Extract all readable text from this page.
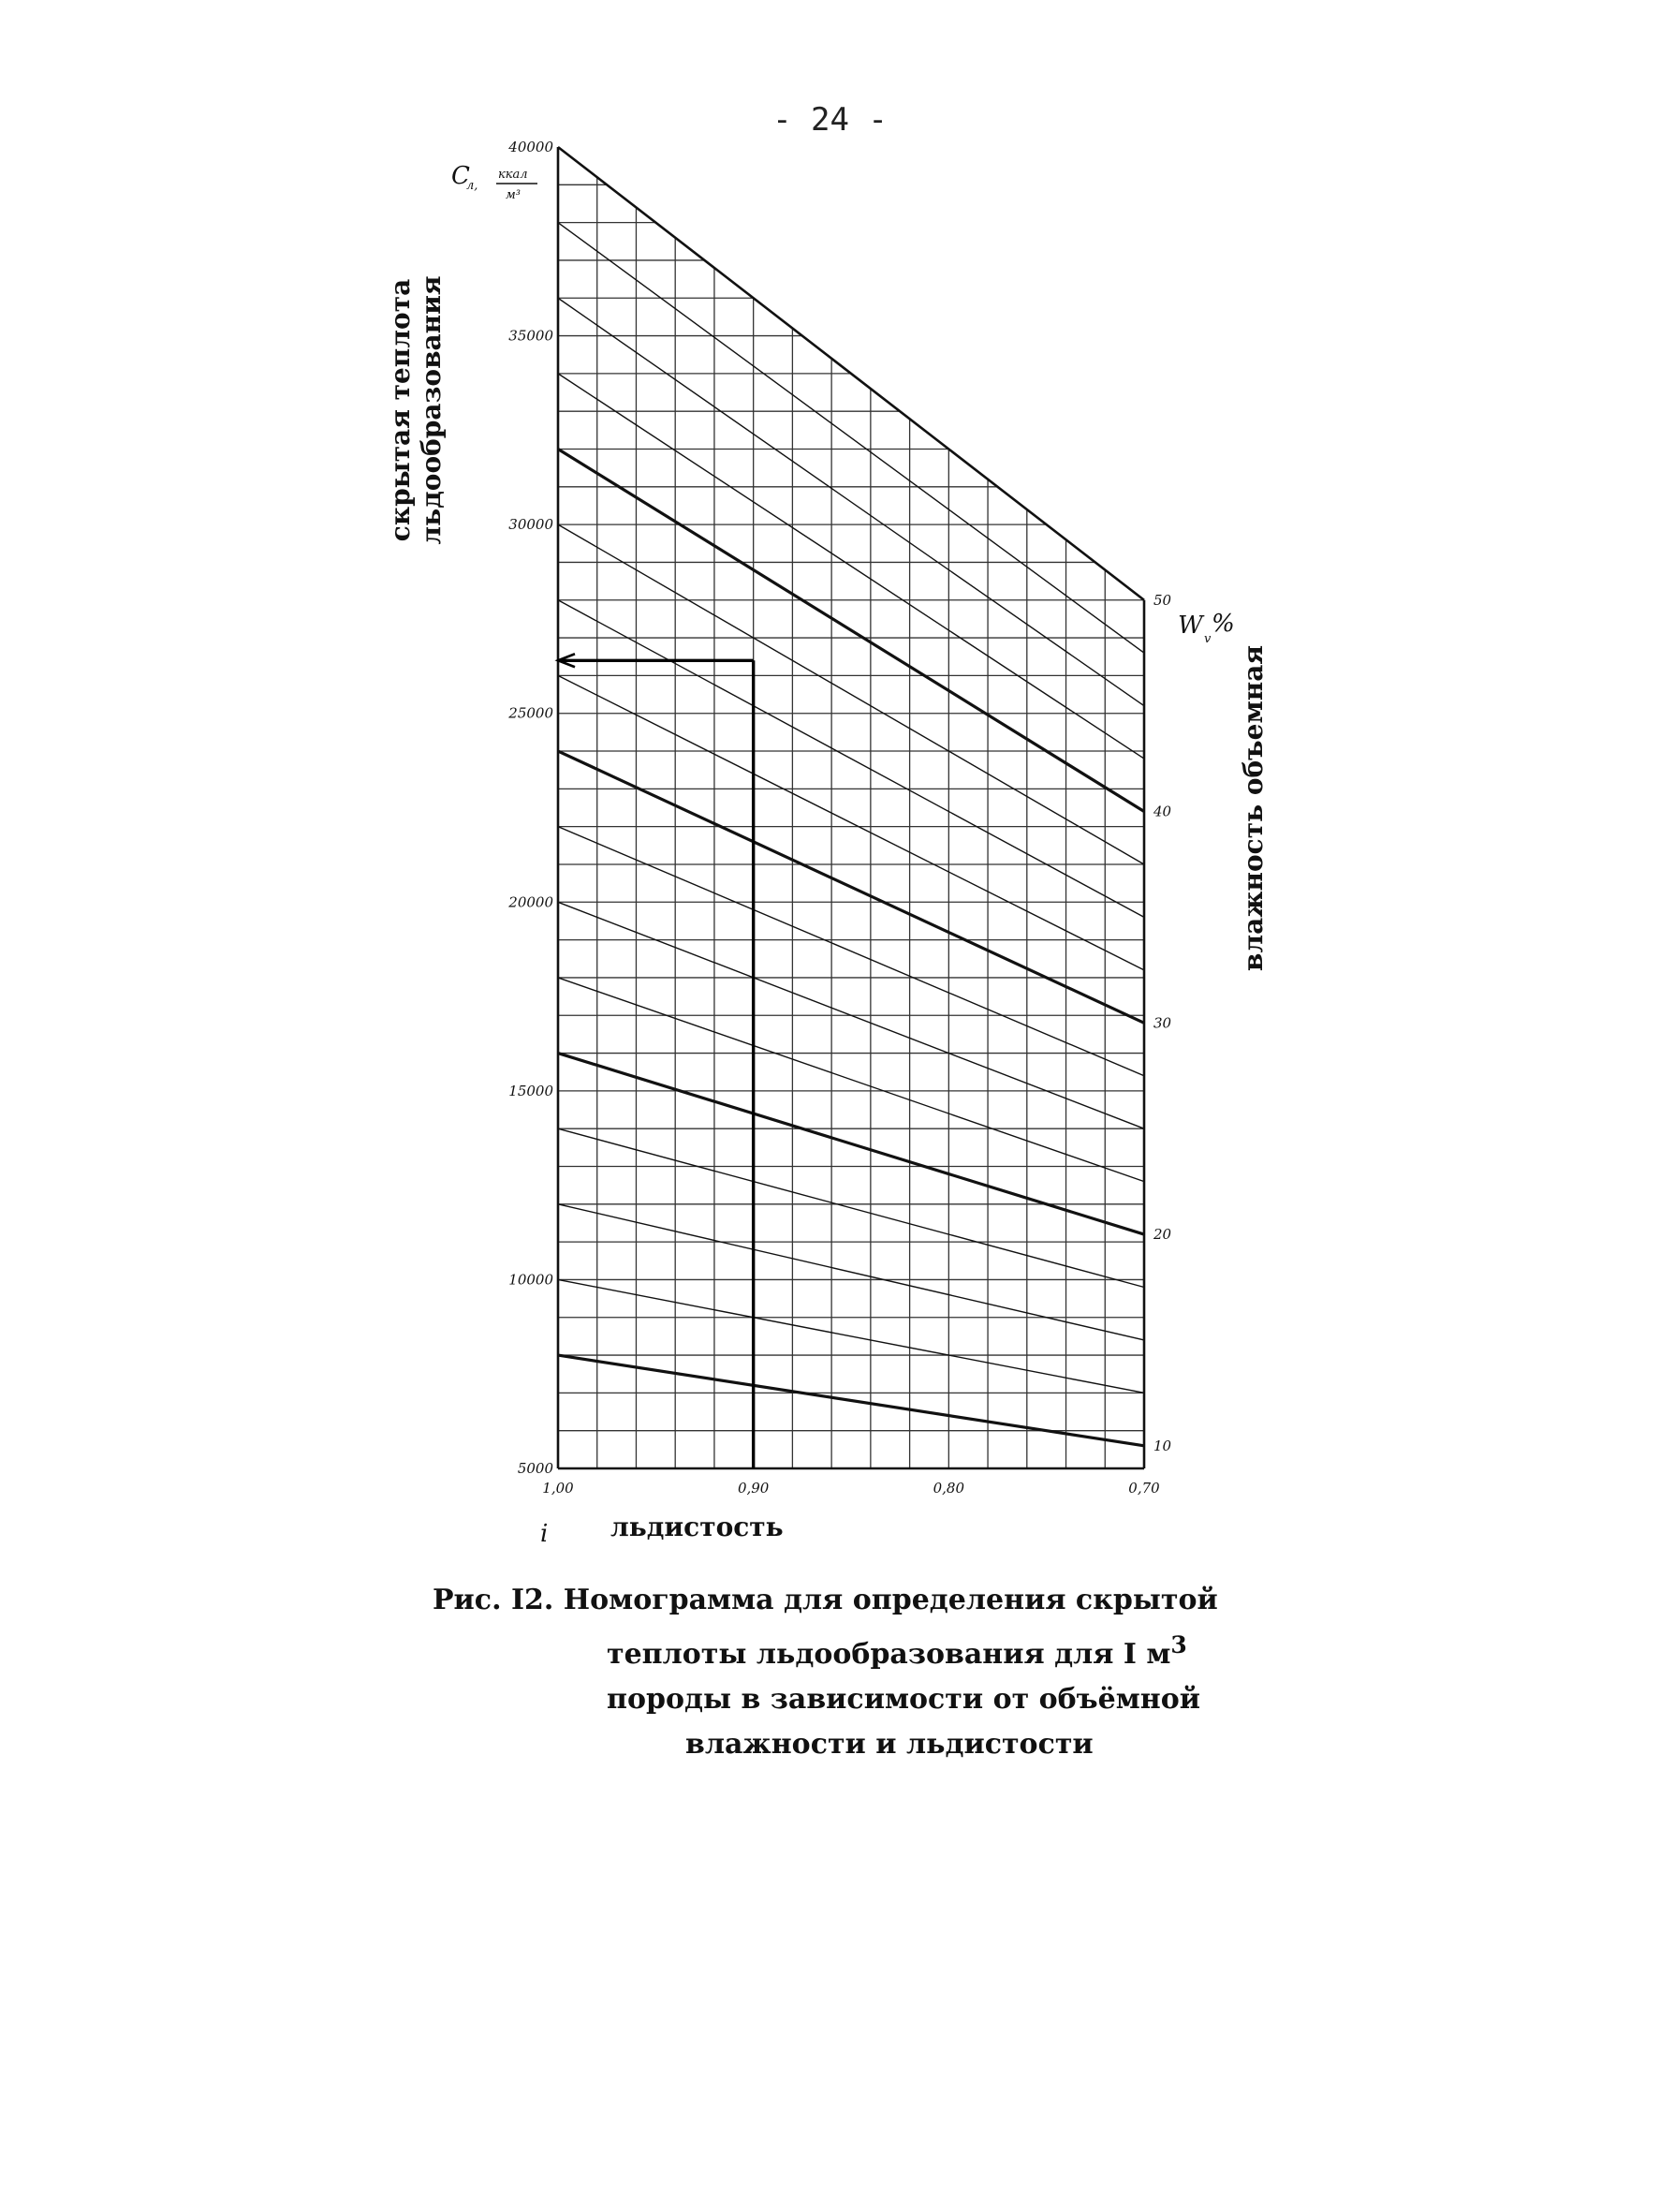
- 24 -
5000
10000
15000
20000
25000
30000
35000
40000
1,00	0,90	0,80	0,70
10
20
30
40
50
C
л,
ккал
м³
скрытая теплота льдообразования
W v
%
влажность объемная
i льдистость
Рис. I2. Номограмма для определения скрытой
теплоты льдообразования для I $м^3$
породы в зависимости от объёмной
влажности и льдистости
